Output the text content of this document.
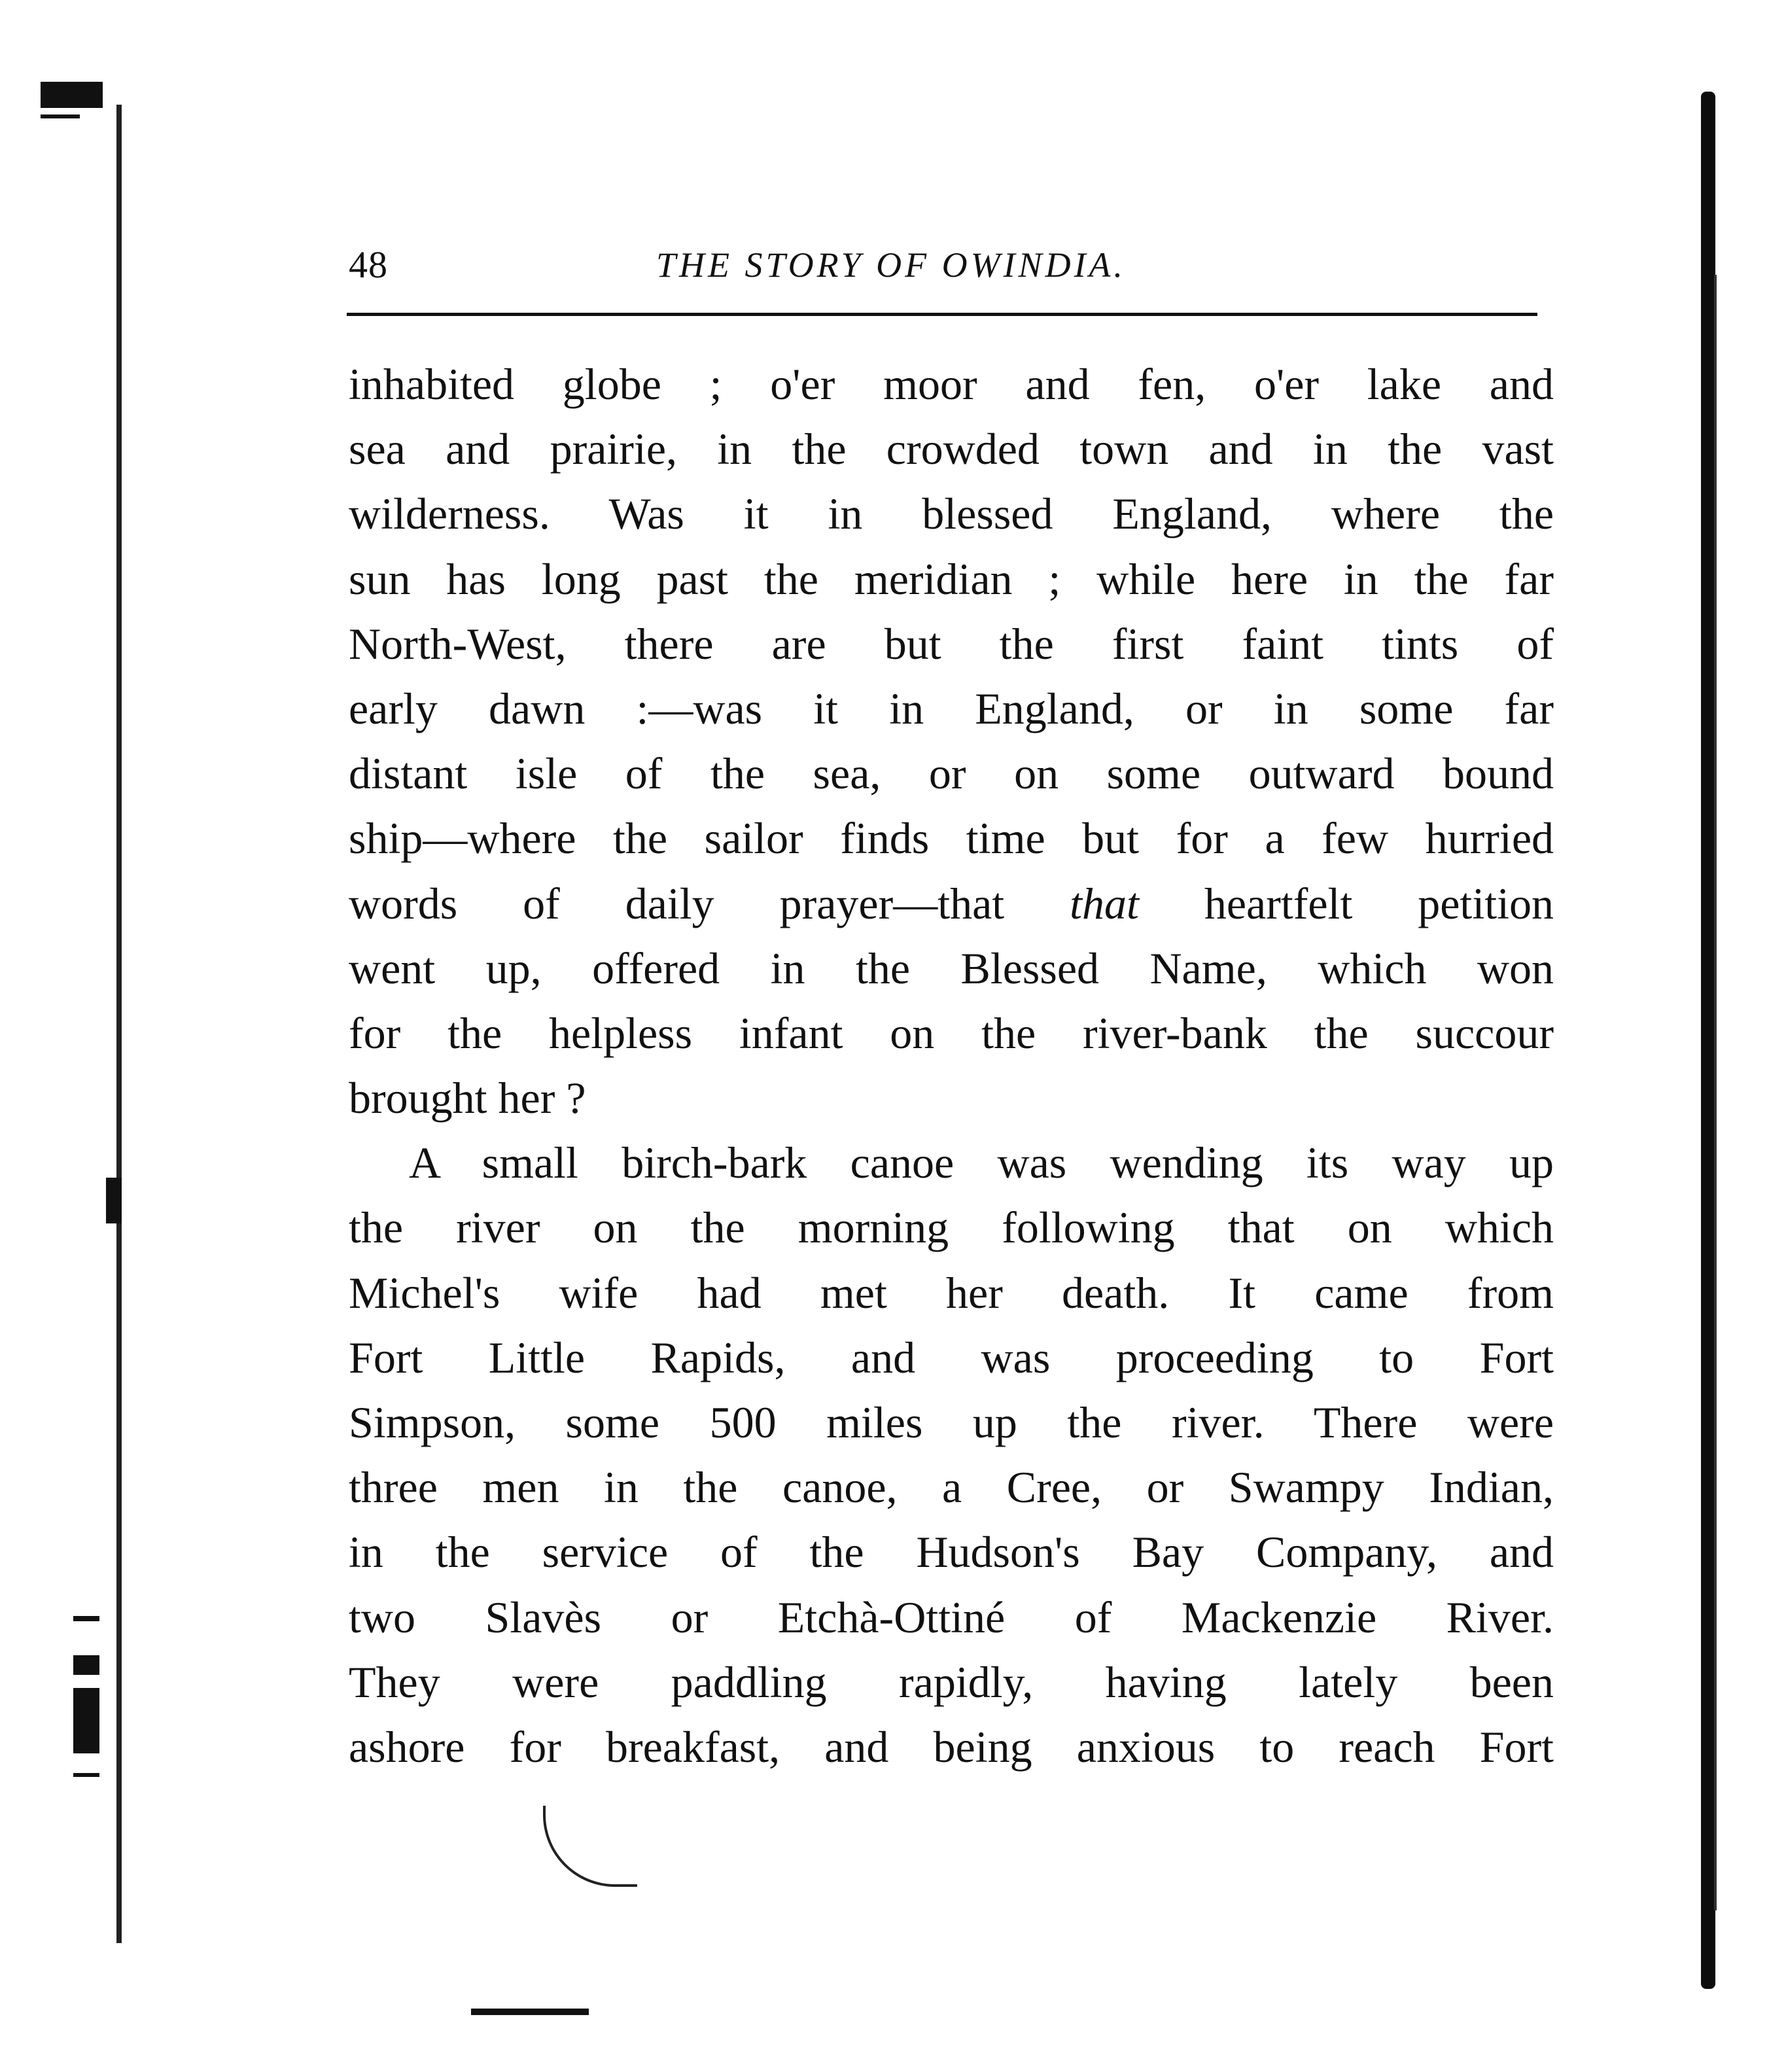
48	THE STORY OF OWINDIA.
inhabited globe ; o'er moor and fen, o'er lake and
sea and prairie, in the crowded town and in the vast
wilderness. Was it in blessed England, where the
sun has long past the meridian ; while here in the far
North-West, there are but the first faint tints of
early dawn :—was it in England, or in some far
distant isle of the sea, or on some outward bound
ship—where the sailor finds time but for a few hurried
words of daily prayer—that that heartfelt petition
went up, offered in the Blessed Name, which won
for the helpless infant on the river-bank the succour
brought her ?
A small birch-bark canoe was wending its way up
the river on the morning following that on which
Michel's wife had met her death. It came from
Fort Little Rapids, and was proceeding to Fort
Simpson, some 500 miles up the river. There were
three men in the canoe, a Cree, or Swampy Indian,
in the service of the Hudson's Bay Company, and
two Slavès or Etchà-Ottiné of Mackenzie River.
They were paddling rapidly, having lately been
ashore for breakfast, and being anxious to reach Fort
